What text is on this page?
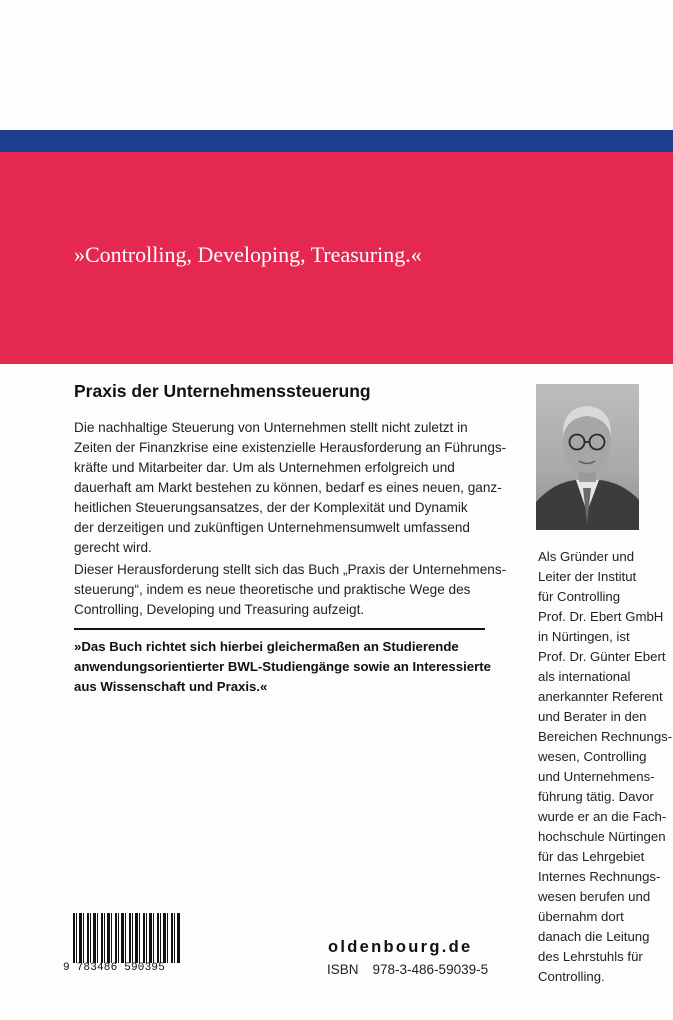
»Controlling, Developing, Treasuring.«

Praxis der Unternehmenssteuerung
Die nachhaltige Steuerung von Unternehmen stellt nicht zuletzt in
Zeiten der Finanzkrise eine existenzielle Herausforderung an Führungs-
kräfte und Mitarbeiter dar. Um als Unternehmen erfolgreich und
dauerhaft am Markt bestehen zu können, bedarf es eines neuen, ganz-
heitlichen Steuerungsansatzes, der der Komplexität und Dynamik
der derzeitigen und zukünftigen Unternehmensumwelt umfassend
gerecht wird.
Dieser Herausforderung stellt sich das Buch „Praxis der Unternehmens-
steuerung“, indem es neue theoretische und praktische Wege des
Controlling, Developing und Treasuring aufzeigt.
»Das Buch richtet sich hierbei gleichermaßen an Studierende
anwendungsorientierter BWL-Studiengänge sowie an Interessierte
aus Wissenschaft und Praxis.«
Als Gründer und
Leiter der Institut
für Controlling
Prof. Dr. Ebert GmbH
in Nürtingen, ist
Prof. Dr. Günter Ebert
als international
anerkannter Referent
und Berater in den
Bereichen Rechnungs-
wesen, Controlling
und Unternehmens-
führung tätig. Davor
wurde er an die Fach-
hochschule Nürtingen
für das Lehrgebiet
Internes Rechnungs-
wesen berufen und
übernahm dort
danach die Leitung
des Lehrstuhls für
Controlling.
9 783486 590395
oldenbourg.de
ISBN 978-3-486-59039-5
